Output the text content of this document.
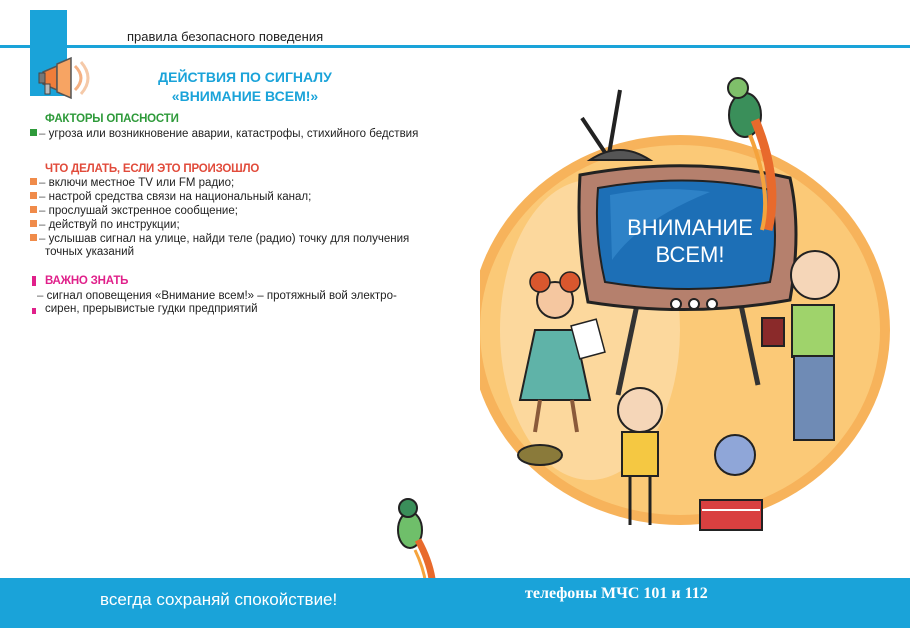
правила безопасного поведения
ДЕЙСТВИЯ ПО СИГНАЛУ
«ВНИМАНИЕ ВСЕМ!»
ФАКТОРЫ ОПАСНОСТИ
– угроза или возникновение аварии, катастрофы, стихийного бедствия
ЧТО ДЕЛАТЬ, ЕСЛИ ЭТО ПРОИЗОШЛО
– включи местное TV или FM радио;
– настрой средства связи на национальный канал;
– прослушай экстренное сообщение;
– действуй по инструкции;
– услышав сигнал на улице, найди теле (радио) точку для получения
точных указаний
ВАЖНО ЗНАТЬ
– сигнал оповещения «Внимание всем!» – протяжный вой электро-
сирен, прерывистые гудки предприятий
ВНИМАНИЕ
ВСЕМ!
всегда сохраняй спокойствие!	телефоны МЧС 101 и 112
